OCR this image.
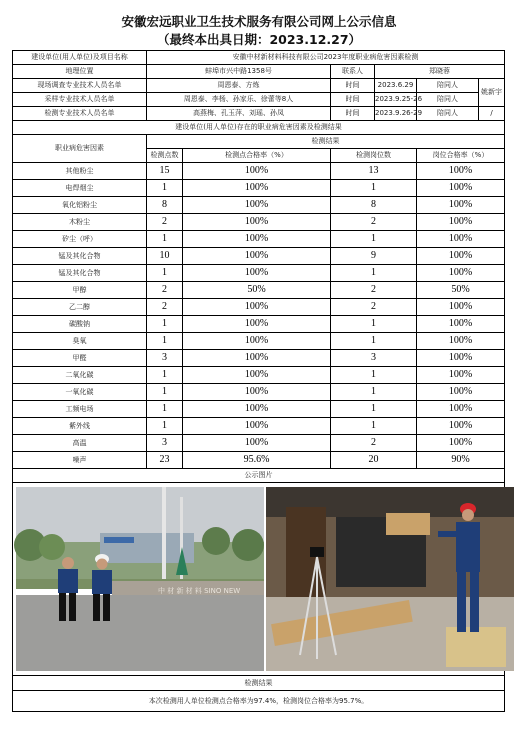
安徽宏远职业卫生技术服务有限公司网上公示信息
（最终本出具日期：2023.12.27）
建设单位(用人单位)及项目名称	安徽中材新材料科技有限公司2023年度职业病危害因素检测					
地理位置	蚌埠市兴中路1358号		联系人	郑晓蓉		
现场调查专业技术人员名单	周恩泰、方炼		时间	2023.6.29	陪同人	姚新宇
采样专业技术人员名单	周恩泰、李杨、孙家乐、徐蕾等8人		时间	2023.9.25-26	陪同人	
检测专业技术人员名单	高燕梅、孔玉萍、刘瑶、孙凤		时间	2023.9.26-29	陪同人	/
建设单位(用人单位)存在的职业病危害因素及检测结果						
职业病危害因素	检测结果					
	检测点数	检测点合格率（%）	检测岗位数		岗位合格率（%）	
其他粉尘	15	100%	13		100%	
电焊烟尘	1	100%	1		100%	
氧化铝粉尘	8	100%	8		100%	
木粉尘	2	100%	2		100%	
矽尘（呼）	1	100%	1		100%	
锰及其化合物	10	100%	9		100%	
锰及其化合物	1	100%	1		100%	
甲醇	2	50%	2		50%	
乙二醇	2	100%	2		100%	
碳酸钠	1	100%	1		100%	
臭氧	1	100%	1		100%	
甲醛	3	100%	3		100%	
二氧化碳	1	100%	1		100%	
一氧化碳	1	100%	1		100%	
工频电场	1	100%	1		100%	
紫外线	1	100%	1		100%	
高温	3	100%	2		100%	
噪声	23	95.6%	20		90%	
公示图片						

中 材 新 材 料 SINO NEW						

检测结果						
本次检测用人单位检测点合格率为97.4%，检测岗位合格率为95.7%。						
